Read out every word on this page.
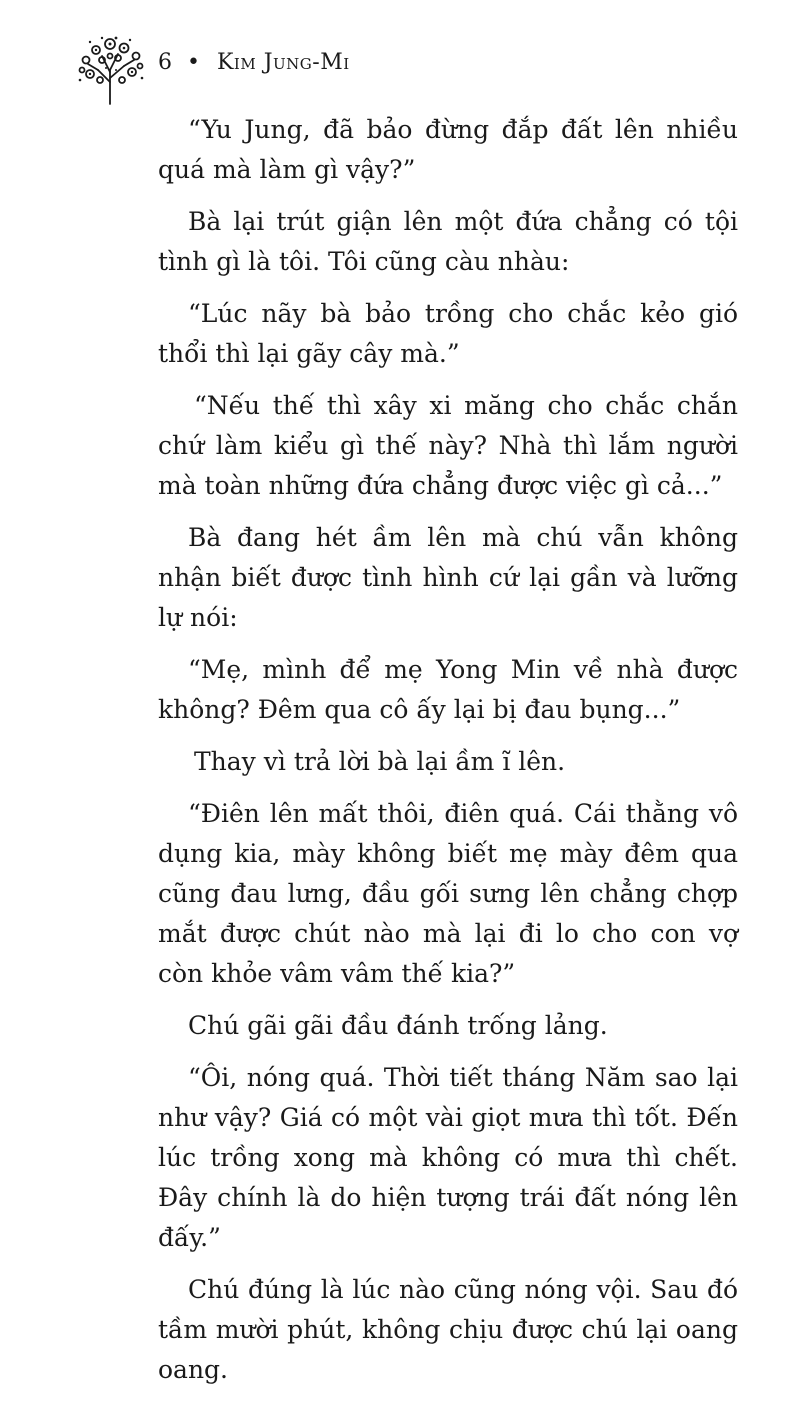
6 • Kim Jung-Mi

“Yu Jung, đã bảo đừng đắp đất lên nhiều quá mà làm gì vậy?”

Bà lại trút giận lên một đứa chẳng có tội tình gì là tôi. Tôi cũng càu nhàu:

“Lúc nãy bà bảo trồng cho chắc kẻo gió thổi thì lại gãy cây mà.”

“Nếu thế thì xây xi măng cho chắc chắn chứ làm kiểu gì thế này? Nhà thì lắm người mà toàn những đứa chẳng được việc gì cả...”

Bà đang hét ầm lên mà chú vẫn không nhận biết được tình hình cứ lại gần và lưỡng lự nói:

“Mẹ, mình để mẹ Yong Min về nhà được không? Đêm qua cô ấy lại bị đau bụng...”

Thay vì trả lời bà lại ầm ĩ lên.

“Điên lên mất thôi, điên quá. Cái thằng vô dụng kia, mày không biết mẹ mày đêm qua cũng đau lưng, đầu gối sưng lên chẳng chợp mắt được chút nào mà lại đi lo cho con vợ còn khỏe vâm vâm thế kia?”

Chú gãi gãi đầu đánh trống lảng.

“Ôi, nóng quá. Thời tiết tháng Năm sao lại như vậy? Giá có một vài giọt mưa thì tốt. Đến lúc trồng xong mà không có mưa thì chết. Đây chính là do hiện tượng trái đất nóng lên đấy.”

Chú đúng là lúc nào cũng nóng vội. Sau đó tầm mười phút, không chịu được chú lại oang oang.
